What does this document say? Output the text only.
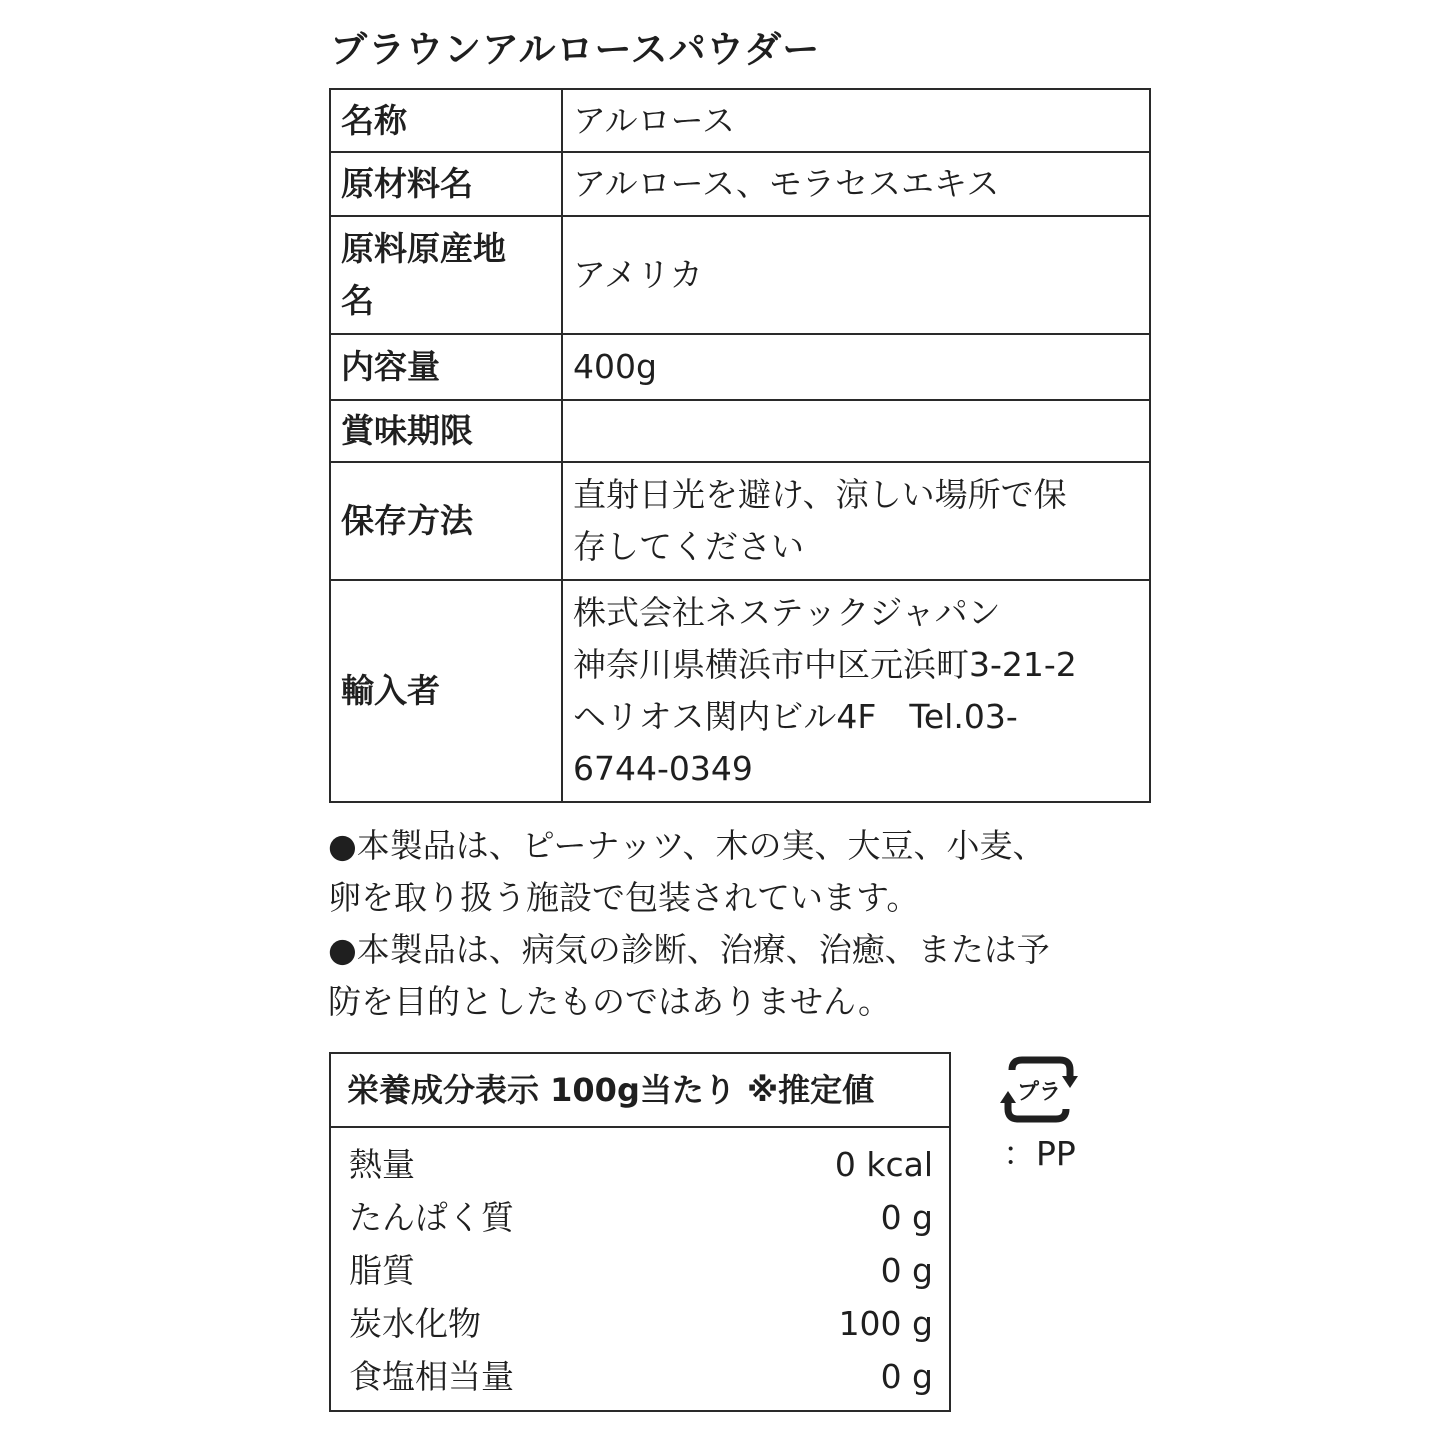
ブラウンアルロースパウダー
名称	アルロース
原材料名	アルロース、モラセスエキス

原料原産地
名	アメリカ
内容量	400g
賞味期限	
保存方法	直射日光を避け、涼しい場所で保
存してください

輸入者	株式会社ネステックジャパン
神奈川県横浜市中区元浜町3-21-2
ヘリオス関内ビル4F　Tel.03-
6744-0349

●本製品は、ピーナッツ、木の実、大豆、小麦、

卵を取り扱う施設で包装されています。

●本製品は、病気の診断、治療、治癒、または予

防を目的としたものではありません。

栄養成分表示 100g当たり ※推定値
熱量	0 kcal
たんぱく質	0 g
脂質	0 g
炭水化物	100 g
食塩相当量	0 g
プラ
：PP
